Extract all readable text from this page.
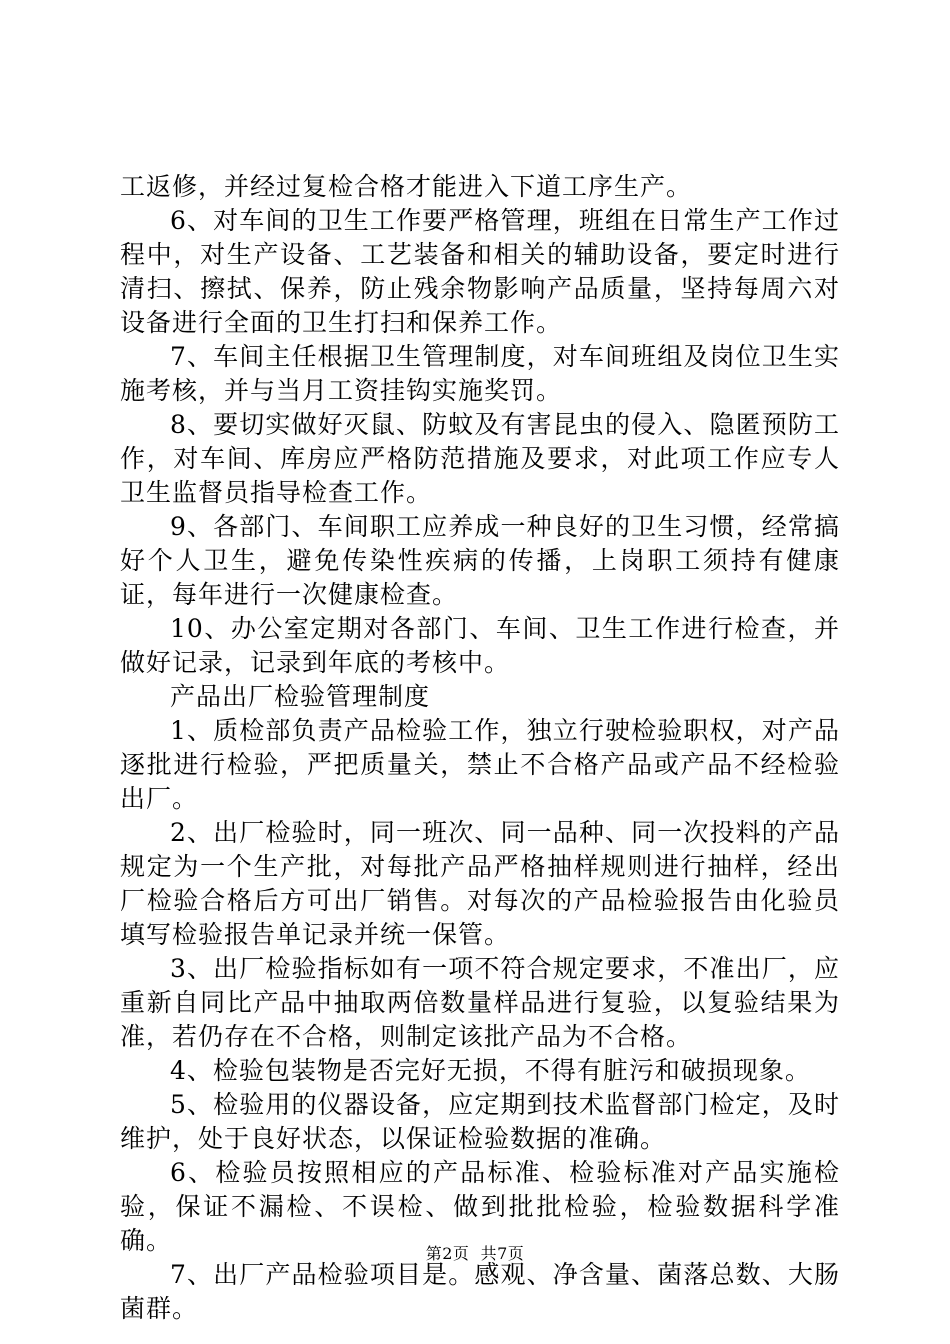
工返修，并经过复检合格才能进入下道工序生产。

6、对车间的卫生工作要严格管理，班组在日常生产工作过程中，对生产设备、工艺装备和相关的辅助设备，要定时进行清扫、擦拭、保养，防止残余物影响产品质量，坚持每周六对设备进行全面的卫生打扫和保养工作。

7、车间主任根据卫生管理制度，对车间班组及岗位卫生实施考核，并与当月工资挂钩实施奖罚。

8、要切实做好灭鼠、防蚊及有害昆虫的侵入、隐匿预防工作，对车间、库房应严格防范措施及要求，对此项工作应专人卫生监督员指导检查工作。

9、各部门、车间职工应养成一种良好的卫生习惯，经常搞好个人卫生，避免传染性疾病的传播，上岗职工须持有健康证，每年进行一次健康检查。

10、办公室定期对各部门、车间、卫生工作进行检查，并做好记录，记录到年底的考核中。

产品出厂检验管理制度

1、质检部负责产品检验工作，独立行驶检验职权，对产品逐批进行检验，严把质量关，禁止不合格产品或产品不经检验出厂。

2、出厂检验时，同一班次、同一品种、同一次投料的产品规定为一个生产批，对每批产品严格抽样规则进行抽样，经出厂检验合格后方可出厂销售。对每次的产品检验报告由化验员填写检验报告单记录并统一保管。

3、出厂检验指标如有一项不符合规定要求，不准出厂，应重新自同比产品中抽取两倍数量样品进行复验，以复验结果为准，若仍存在不合格，则制定该批产品为不合格。

4、检验包装物是否完好无损，不得有脏污和破损现象。

5、检验用的仪器设备，应定期到技术监督部门检定，及时维护，处于良好状态，以保证检验数据的准确。

6、检验员按照相应的产品标准、检验标准对产品实施检验，保证不漏检、不误检、做到批批检验，检验数据科学准确。

7、出厂产品检验项目是。感观、净含量、菌落总数、大肠菌群。

第2页  共7页
